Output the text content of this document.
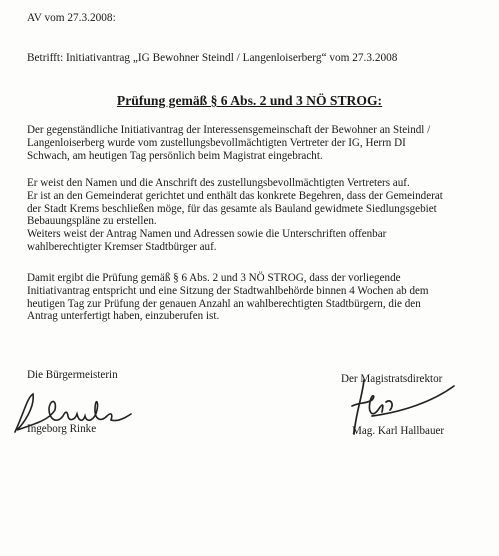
AV vom 27.3.2008:
Betrifft: Initiativantrag „IG Bewohner Steindl / Langenloiserberg“ vom 27.3.2008
Prüfung gemäß § 6 Abs. 2 und 3 NÖ STROG:
Der gegenständliche Initiativantrag der Interessensgemeinschaft der Bewohner an Steindl /
Langenloiserberg wurde vom zustellungsbevollmächtigten Vertreter der IG, Herrn DI
Schwach, am heutigen Tag persönlich beim Magistrat eingebracht.
Er weist den Namen und die Anschrift des zustellungsbevollmächtigten Vertreters auf.
Er ist an den Gemeinderat gerichtet und enthält das konkrete Begehren, dass der Gemeinderat
der Stadt Krems beschließen möge, für das gesamte als Bauland gewidmete Siedlungsgebiet
Bebauungspläne zu erstellen.
Weiters weist der Antrag Namen und Adressen sowie die Unterschriften offenbar
wahlberechtigter Kremser Stadtbürger auf.
Damit ergibt die Prüfung gemäß § 6 Abs. 2 und 3 NÖ STROG, dass der vorliegende
Initiativantrag entspricht und eine Sitzung der Stadtwahlbehörde binnen 4 Wochen ab dem
heutigen Tag zur Prüfung der genauen Anzahl an wahlberechtigten Stadtbürgern, die den
Antrag unterfertigt haben, einzuberufen ist.
Die Bürgermeisterin	Der Magistratsdirektor
Ingeborg Rinke	Mag. Karl Hallbauer
